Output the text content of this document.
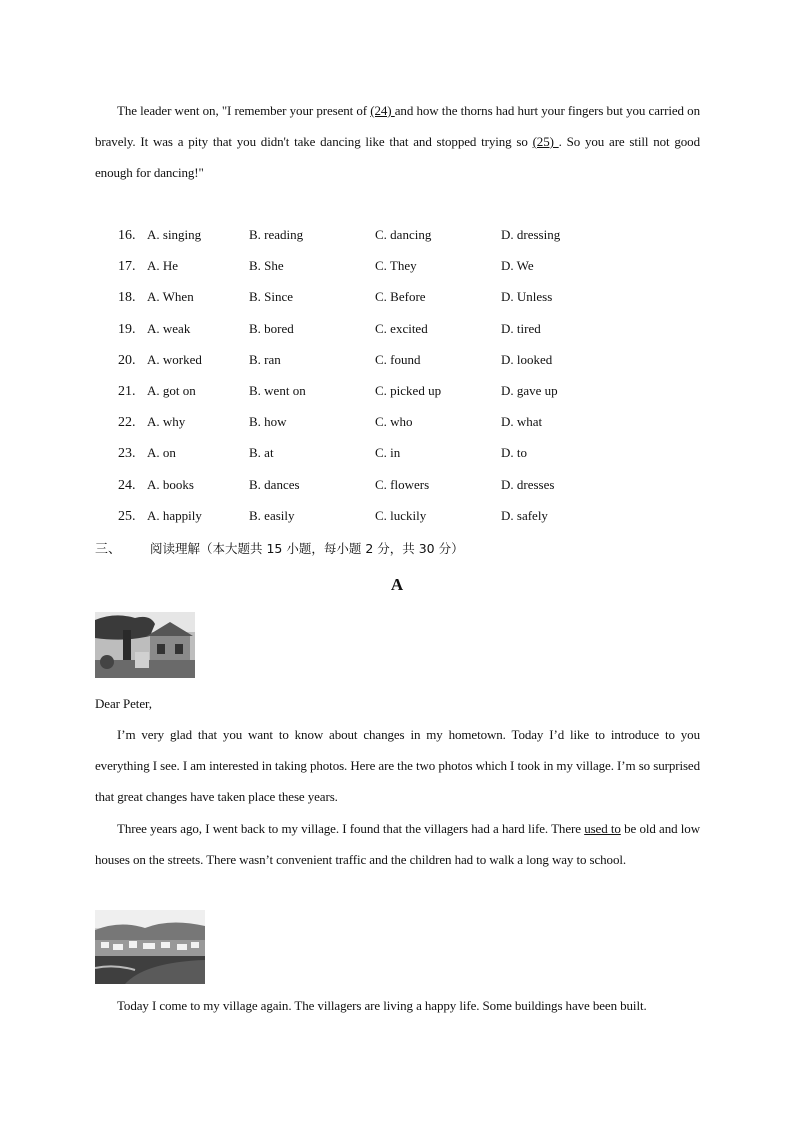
The leader went on, "I remember your present of (24) and how the thorns had hurt your fingers but you carried on bravely. It was a pity that you didn't take dancing like that and stopped trying so (25) . So you are still not good enough for dancing!"
16. A. singing	B. reading	C. dancing	D. dressing
17. A. He	B. She	C. They	D. We
18. A. When	B. Since	C. Before	D. Unless
19. A. weak	B. bored	C. excited	D. tired
20. A. worked	B. ran	C. found	D. looked
21. A. got on	B. went on	C. picked up	D. gave up
22. A. why	B. how	C. who	D. what
23. A. on	B. at	C. in	D. to
24. A. books	B. dances	C. flowers	D. dresses
25. A. happily	B. easily	C. luckily	D. safely
三、 阅读理解（本大题共 15 小题，每小题 2 分，共 30 分）
A
Dear Peter,
I’m very glad that you want to know about changes in my hometown. Today I’d like to introduce to you everything I see. I am interested in taking photos. Here are the two photos which I took in my village. I’m so surprised that great changes have taken place these years.
Three years ago, I went back to my village. I found that the villagers had a hard life. There used to be old and low houses on the streets. There wasn’t convenient traffic and the children had to walk a long way to school.
Today I come to my village again. The villagers are living a happy life. Some buildings have been built.
